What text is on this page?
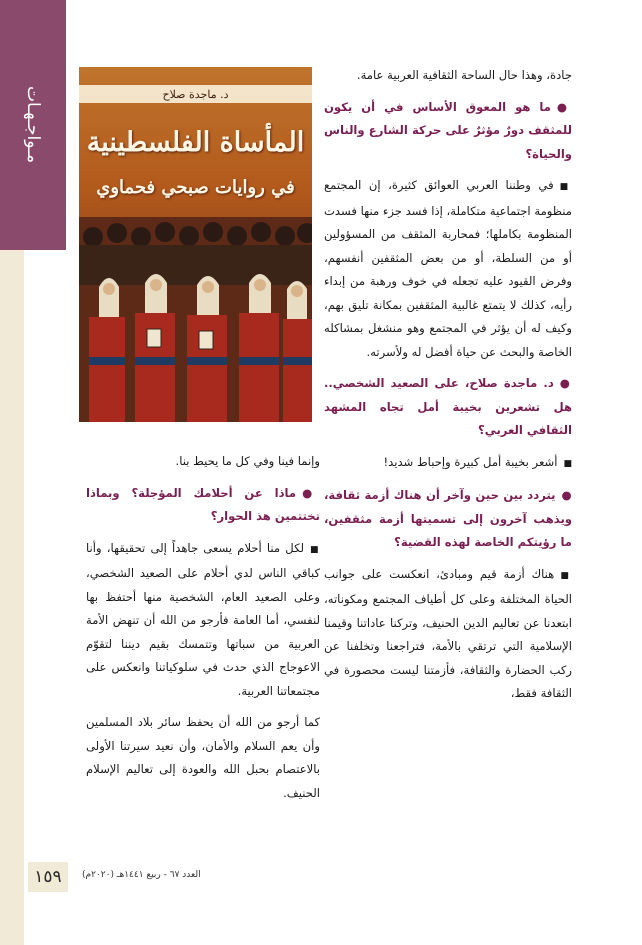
مـواجـهـات	د. ماجدة صلاح
المأساة الفلسطينية
في روايات صبحي فحماوي

جادة، وهذا حال الساحة الثقافية العربية عامة.

●ما هو المعوق الأساس في أن يكون للمثقف دورٌ مؤثرٌ على حركة الشارع والناس والحياة؟

■في وطننا العربي العوائق كثيرة، إن المجتمع منظومة اجتماعية متكاملة، إذا فسد جزء منها فسدت المنظومة بكاملها؛ فمحاربة المثقف من المسؤولين أو من السلطة، أو من بعض المثقفين أنفسهم، وفرض القيود عليه تجعله في خوف ورهبة من إبداء رأيه، كذلك لا يتمتع غالبية المثقفين بمكانة تليق بهم، وكيف له أن يؤثر في المجتمع وهو منشغل بمشاكله الخاصة والبحث عن حياة أفضل له ولأسرته.

●د. ماجدة صلاح، على الصعيد الشخصي.. هل تشعرين بخيبة أمل تجاه المشهد الثقافي العربي؟

■أشعر بخيبة أمل كبيرة وإحباط شديد!

●يتردد بين حين وآخر أن هناك أزمة ثقافة، ويذهب آخرون إلى تسميتها أزمة مثقفين، ما رؤيتكم الخاصة لهذه القضية؟

■هناك أزمة قيم ومبادئ، انعكست على جوانب الحياة المختلفة وعلى كل أطياف المجتمع ومكوناته، ابتعدنا عن تعاليم الدين الحنيف، وتركنا عاداتنا وقيمنا الإسلامية التي ترتقي بالأمة، فتراجعنا وتخلفنا عن ركب الحضارة والثقافة، فأزمتنا ليست محصورة في الثقافة فقط،

وإنما فينا وفي كل ما يحيط بنا.

●ماذا عن أحلامك المؤجلة؟ وبماذا تختتمين هذ الحوار؟

■لكل منا أحلام يسعى جاهداً إلى تحقيقها، وأنا كباقي الناس لدي أحلام على الصعيد الشخصي، وعلى الصعيد العام، الشخصية منها أحتفظ بها لنفسي، أما العامة فأرجو من الله أن تنهض الأمة العربية من سباتها وتتمسك بقيم ديننا لتقوّم الاعوجاج الذي حدث في سلوكياتنا وانعكس على مجتمعاتنا العربية.

كما أرجو من الله أن يحفظ سائر بلاد المسلمين وأن يعم السلام والأمان، وأن نعيد سيرتنا الأولى بالاعتصام بحبل الله والعودة إلى تعاليم الإسلام الحنيف.

١٥٩	العدد ٦٧ - ربيع ١٤٤١هـ (٢٠٢٠م)
